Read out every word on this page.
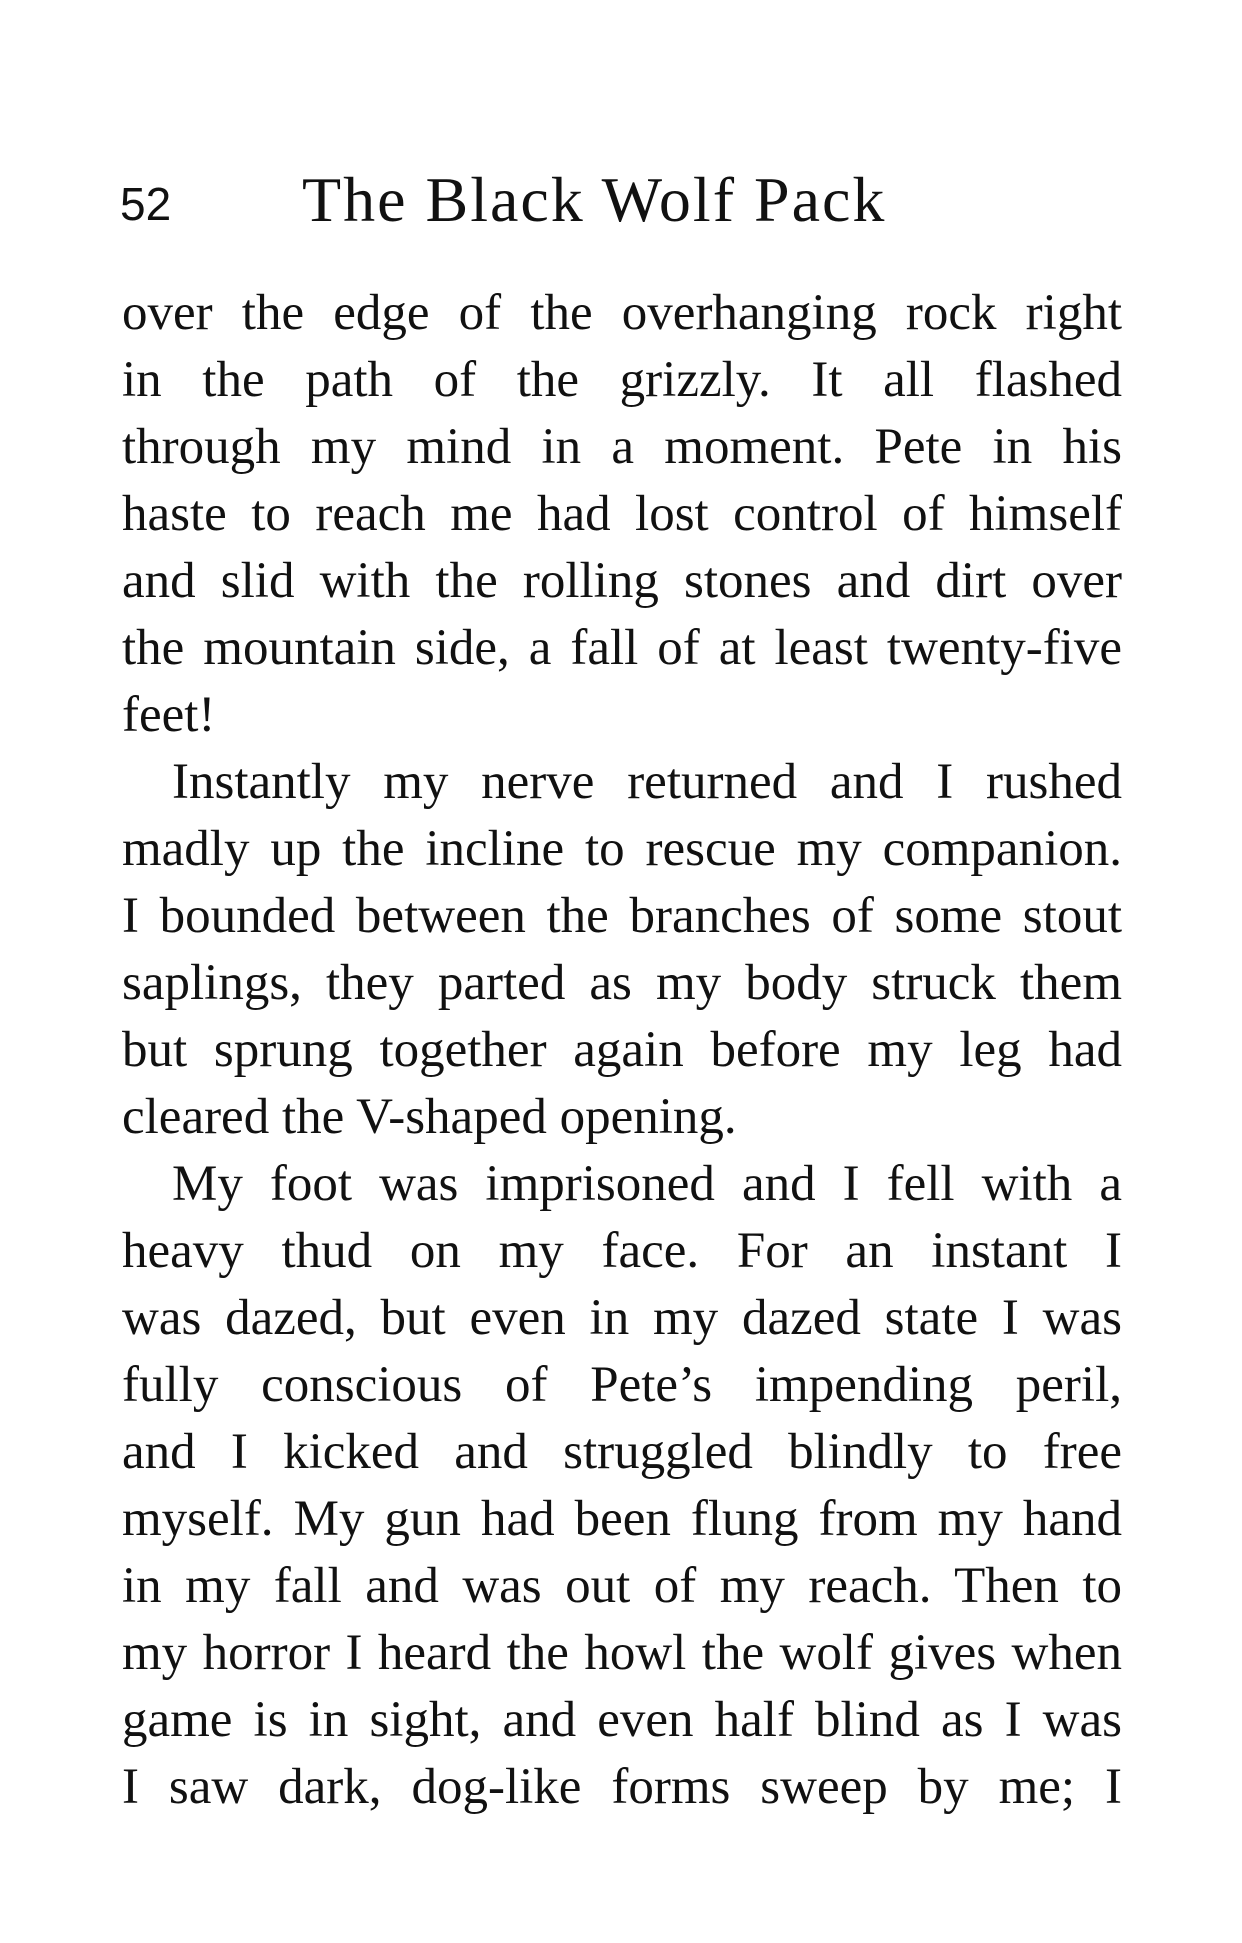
52 The Black Wolf Pack
over the edge of the overhanging rock right
in the path of the grizzly. It all flashed
through my mind in a moment. Pete in his
haste to reach me had lost control of himself
and slid with the rolling stones and dirt over
the mountain side, a fall of at least twenty-five
feet!
Instantly my nerve returned and I rushed
madly up the incline to rescue my companion.
I bounded between the branches of some stout
saplings, they parted as my body struck them
but sprung together again before my leg had
cleared the V-shaped opening.
My foot was imprisoned and I fell with a
heavy thud on my face. For an instant I
was dazed, but even in my dazed state I was
fully conscious of Pete’s impending peril,
and I kicked and struggled blindly to free
myself. My gun had been flung from my hand
in my fall and was out of my reach. Then to
my horror I heard the howl the wolf gives when
game is in sight, and even half blind as I was
I saw dark, dog-like forms sweep by me; I
